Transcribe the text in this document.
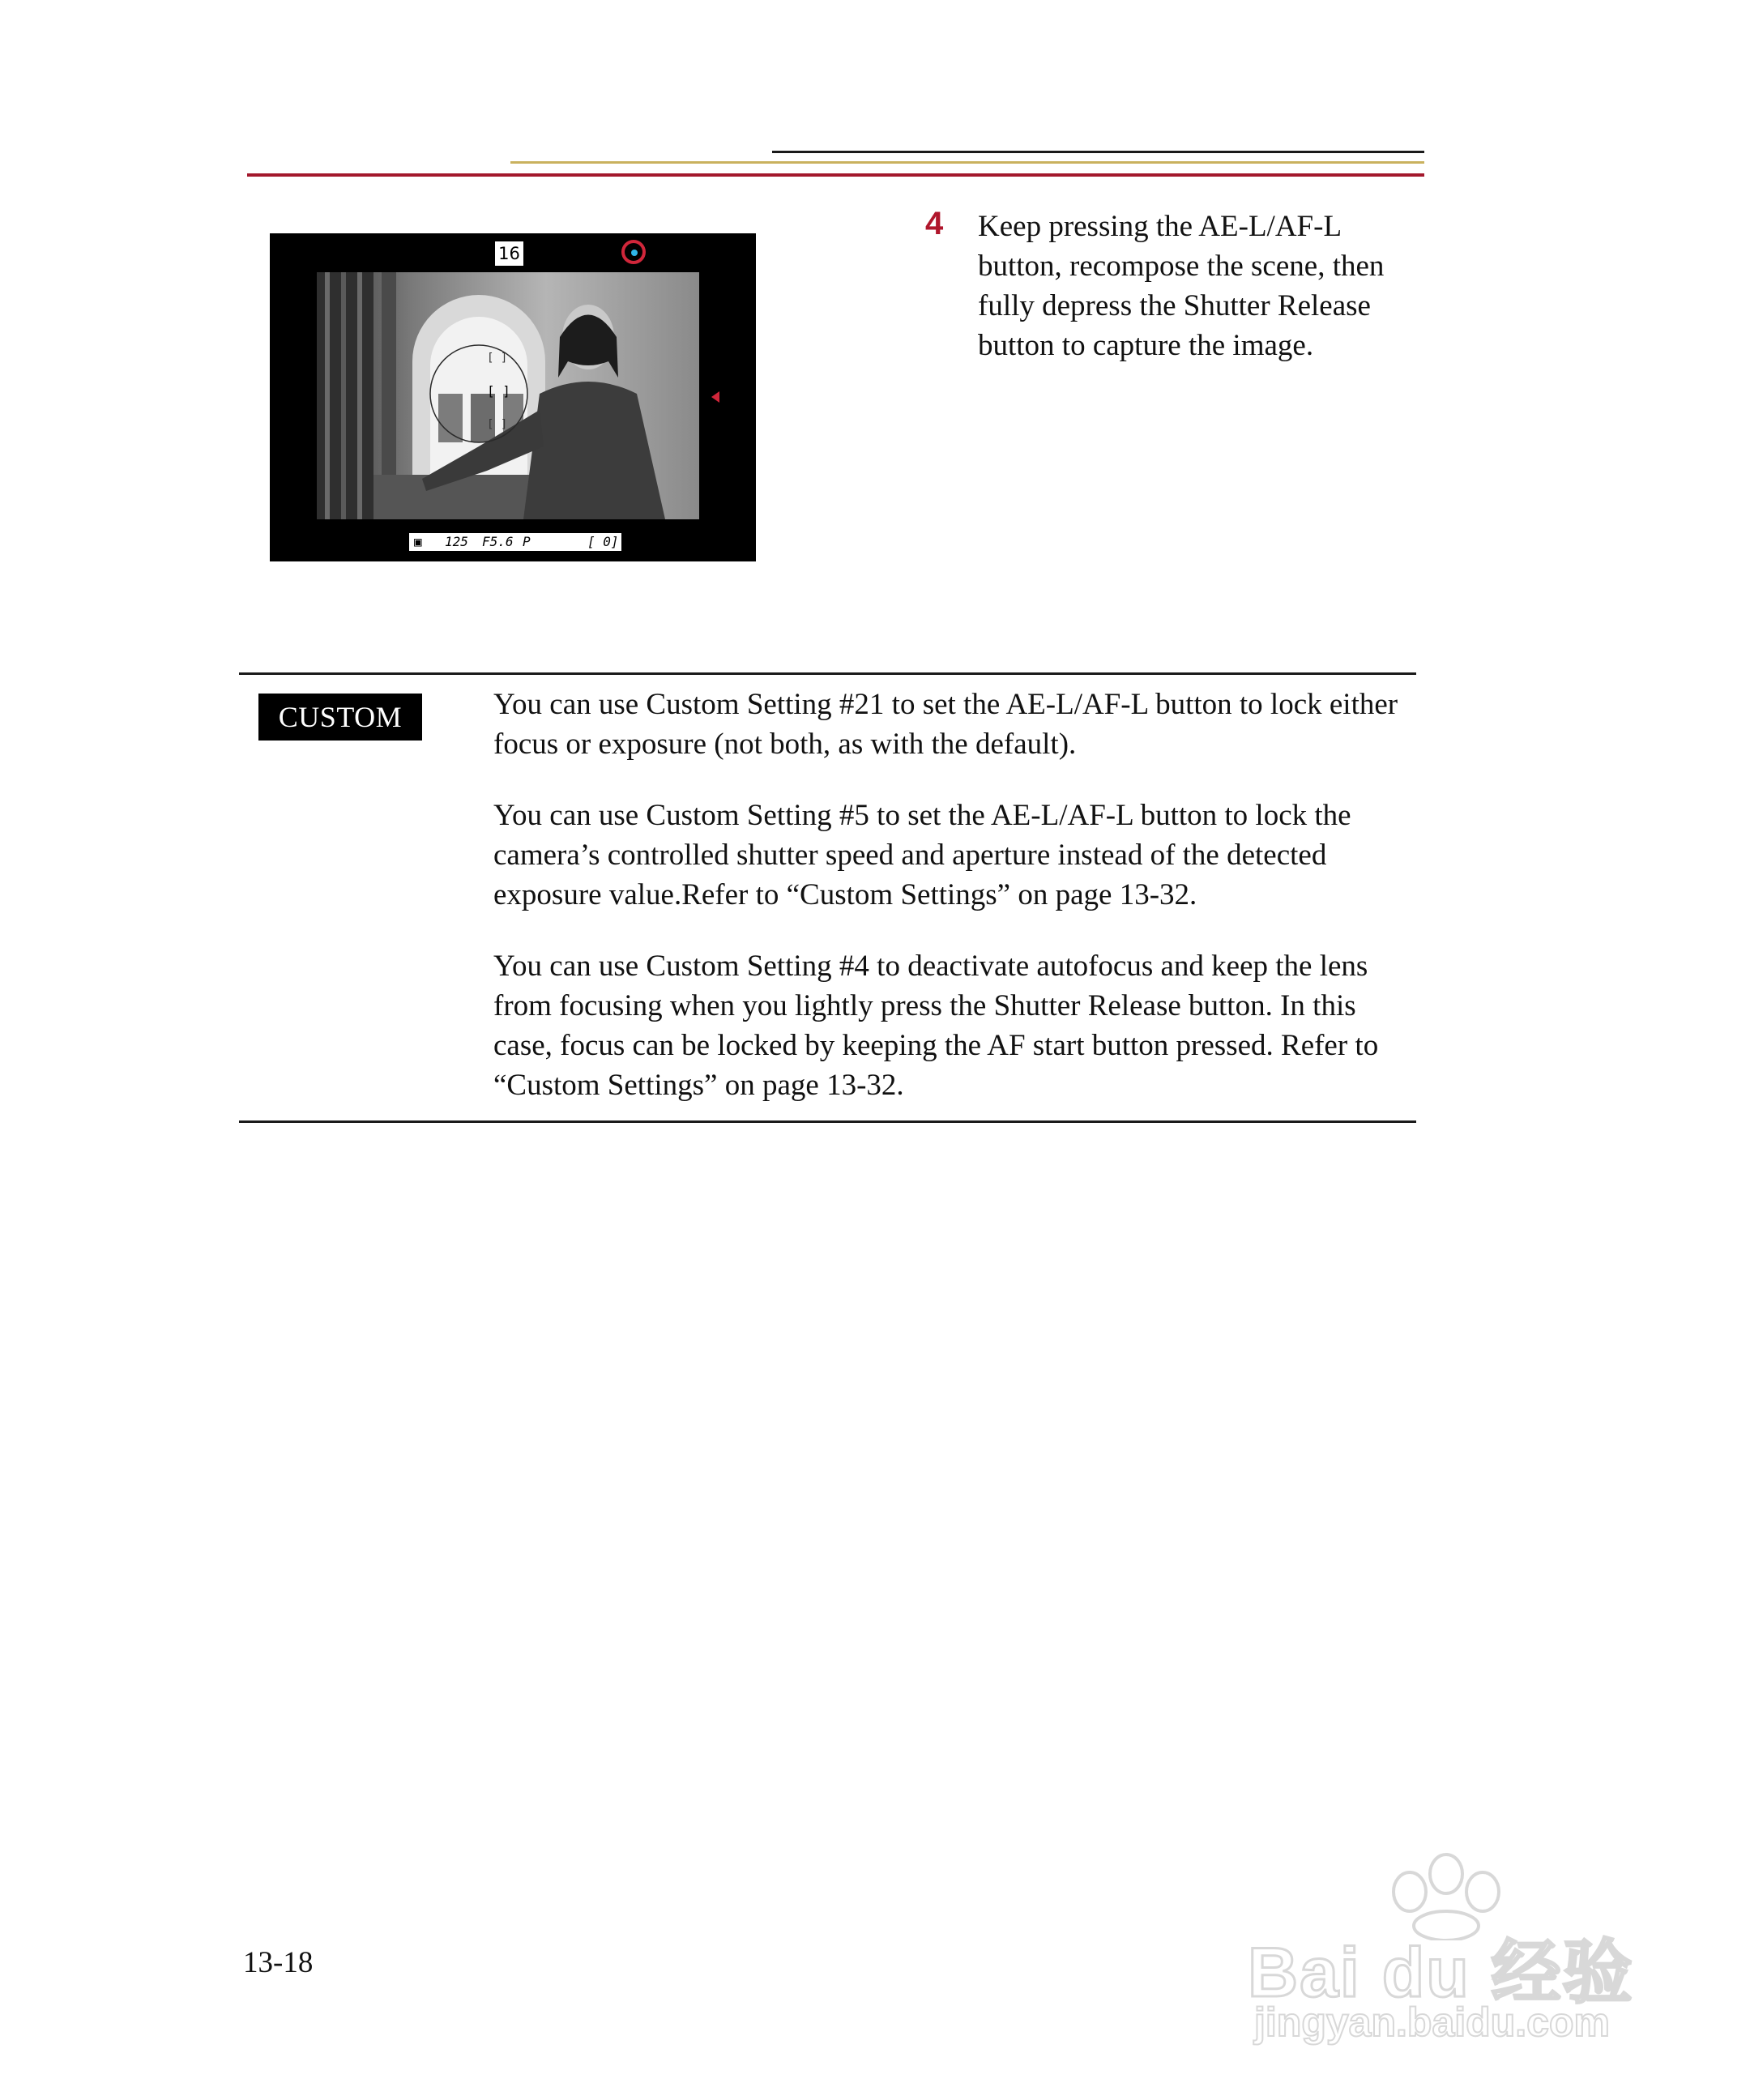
16
[ ]
[ ]
[ ]
▣ 125 F5.6 P	[ 0]
4 Keep pressing the AE-L/AF-L button, recompose the scene, then fully depress the Shutter Release button to capture the image.
CUSTOM	You can use Custom Setting #21 to set the AE-L/AF-L button to lock either focus or exposure (not both, as with the default).

You can use Custom Setting #5 to set the AE-L/AF-L button to lock the camera’s controlled shutter speed and aperture instead of the detected exposure value.Refer to “Custom Settings” on page 13-32.

You can use Custom Setting #4 to deactivate autofocus and keep the lens from focusing when you lightly press the Shutter Release button. In this case, focus can be locked by keeping the AF start button pressed. Refer to “Custom Settings” on page 13-32.

13-18	Bai du 经验
jingyan.baidu.com
